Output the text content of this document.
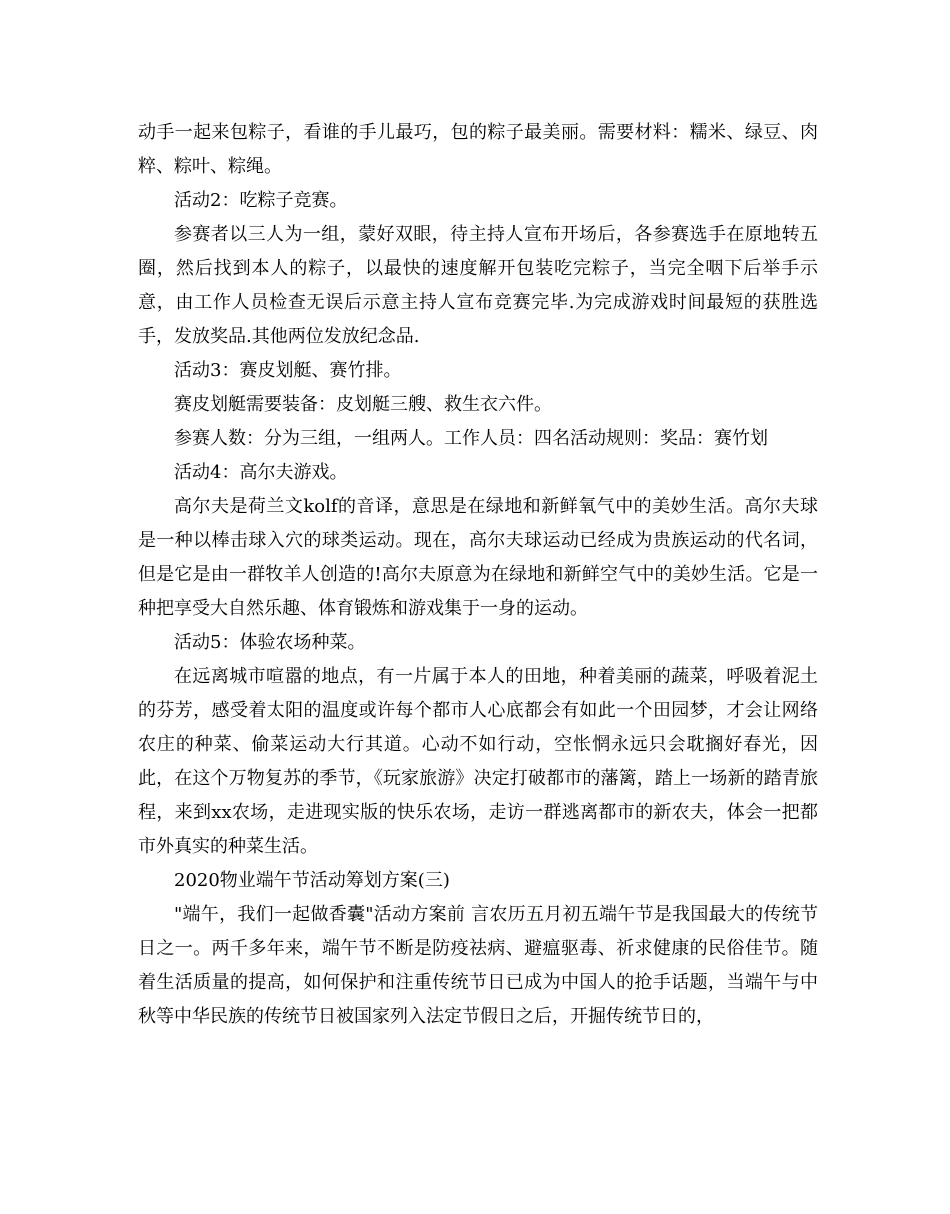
动手一起来包粽子，看谁的手儿最巧，包的粽子最美丽。需要材料：糯米、绿豆、肉粹、粽叶、粽绳。

活动2：吃粽子竞赛。

参赛者以三人为一组，蒙好双眼，待主持人宣布开场后，各参赛选手在原地转五圈，然后找到本人的粽子，以最快的速度解开包装吃完粽子，当完全咽下后举手示意，由工作人员检查无误后示意主持人宣布竞赛完毕.为完成游戏时间最短的获胜选手，发放奖品.其他两位发放纪念品.

活动3：赛皮划艇、赛竹排。

赛皮划艇需要装备：皮划艇三艘、救生衣六件。

参赛人数：分为三组，一组两人。工作人员：四名活动规则：奖品：赛竹划

活动4：高尔夫游戏。

高尔夫是荷兰文kolf的音译，意思是在绿地和新鲜氧气中的美妙生活。高尔夫球是一种以棒击球入穴的球类运动。现在，高尔夫球运动已经成为贵族运动的代名词，但是它是由一群牧羊人创造的!高尔夫原意为在绿地和新鲜空气中的美妙生活。它是一种把享受大自然乐趣、体育锻炼和游戏集于一身的运动。

活动5：体验农场种菜。

在远离城市喧嚣的地点，有一片属于本人的田地，种着美丽的蔬菜，呼吸着泥土的芬芳，感受着太阳的温度或许每个都市人心底都会有如此一个田园梦，才会让网络农庄的种菜、偷菜运动大行其道。心动不如行动，空怅惘永远只会耽搁好春光，因此，在这个万物复苏的季节，《玩家旅游》决定打破都市的藩篱，踏上一场新的踏青旅程，来到xx农场，走进现实版的快乐农场，走访一群逃离都市的新农夫，体会一把都市外真实的种菜生活。

2020物业端午节活动筹划方案(三)

"端午，我们一起做香囊"活动方案前 言农历五月初五端午节是我国最大的传统节日之一。两千多年来，端午节不断是防疫祛病、避瘟驱毒、祈求健康的民俗佳节。随着生活质量的提高，如何保护和注重传统节日已成为中国人的抢手话题，当端午与中秋等中华民族的传统节日被国家列入法定节假日之后，开掘传统节日的，
